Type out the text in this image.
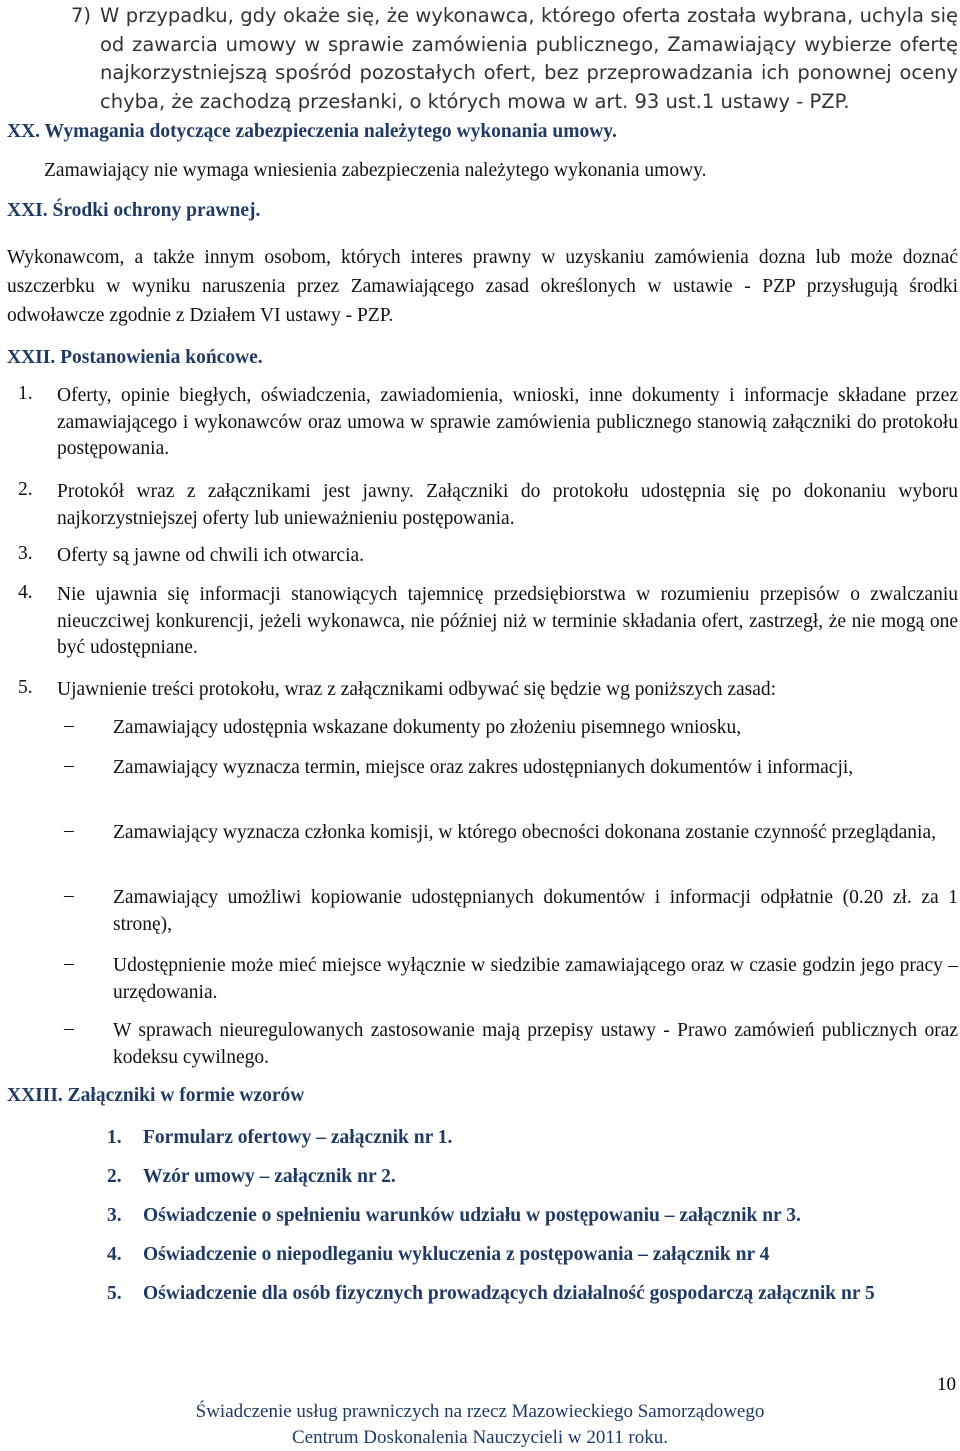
7) W przypadku, gdy okaże się, że wykonawca, którego oferta została wybrana, uchyla się od zawarcia umowy w sprawie zamówienia publicznego, Zamawiający wybierze ofertę najkorzystniejszą spośród pozostałych ofert, bez przeprowadzania ich ponownej oceny chyba, że zachodzą przesłanki, o których mowa w art. 93 ust.1 ustawy - PZP.
XX. Wymagania dotyczące zabezpieczenia należytego wykonania umowy.
Zamawiający nie wymaga wniesienia zabezpieczenia należytego wykonania umowy.
XXI. Środki ochrony prawnej.
Wykonawcom, a także innym osobom, których interes prawny w uzyskaniu zamówienia dozna lub może doznać uszczerbku w wyniku naruszenia przez Zamawiającego zasad określonych w ustawie - PZP przysługują środki odwoławcze zgodnie z Działem VI ustawy - PZP.
XXII. Postanowienia końcowe.
1. Oferty, opinie biegłych, oświadczenia, zawiadomienia, wnioski, inne dokumenty i informacje składane przez zamawiającego i wykonawców oraz umowa w sprawie zamówienia publicznego stanowią załączniki do protokołu postępowania.
2. Protokół wraz z załącznikami jest jawny. Załączniki do protokołu udostępnia się po dokonaniu wyboru najkorzystniejszej oferty lub unieważnieniu postępowania.
3. Oferty są jawne od chwili ich otwarcia.
4. Nie ujawnia się informacji stanowiących tajemnicę przedsiębiorstwa w rozumieniu przepisów o zwalczaniu nieuczciwej konkurencji, jeżeli wykonawca, nie później niż w terminie składania ofert, zastrzegł, że nie mogą one być udostępniane.
5. Ujawnienie treści protokołu, wraz z załącznikami odbywać się będzie wg poniższych zasad:
– Zamawiający udostępnia wskazane dokumenty po złożeniu pisemnego wniosku,
– Zamawiający wyznacza termin, miejsce oraz zakres udostępnianych dokumentów i informacji,
– Zamawiający wyznacza członka komisji, w którego obecności dokonana zostanie czynność przeglądania,
– Zamawiający umożliwi kopiowanie udostępnianych dokumentów i informacji odpłatnie (0.20 zł. za 1 stronę),
– Udostępnienie może mieć miejsce wyłącznie w siedzibie zamawiającego oraz w czasie godzin jego pracy – urzędowania.
– W sprawach nieuregulowanych zastosowanie mają przepisy ustawy - Prawo zamówień publicznych oraz kodeksu cywilnego.
XXIII. Załączniki w formie wzorów
1. Formularz ofertowy – załącznik nr 1.
2. Wzór umowy – załącznik nr 2.
3. Oświadczenie o spełnieniu warunków udziału w postępowaniu – załącznik nr 3.
4. Oświadczenie o niepodleganiu wykluczenia z postępowania – załącznik nr 4
5. Oświadczenie dla osób fizycznych prowadzących działalność gospodarczą załącznik nr 5
10
Świadczenie usług prawniczych na rzecz Mazowieckiego Samorządowego
Centrum Doskonalenia Nauczycieli w 2011 roku.
